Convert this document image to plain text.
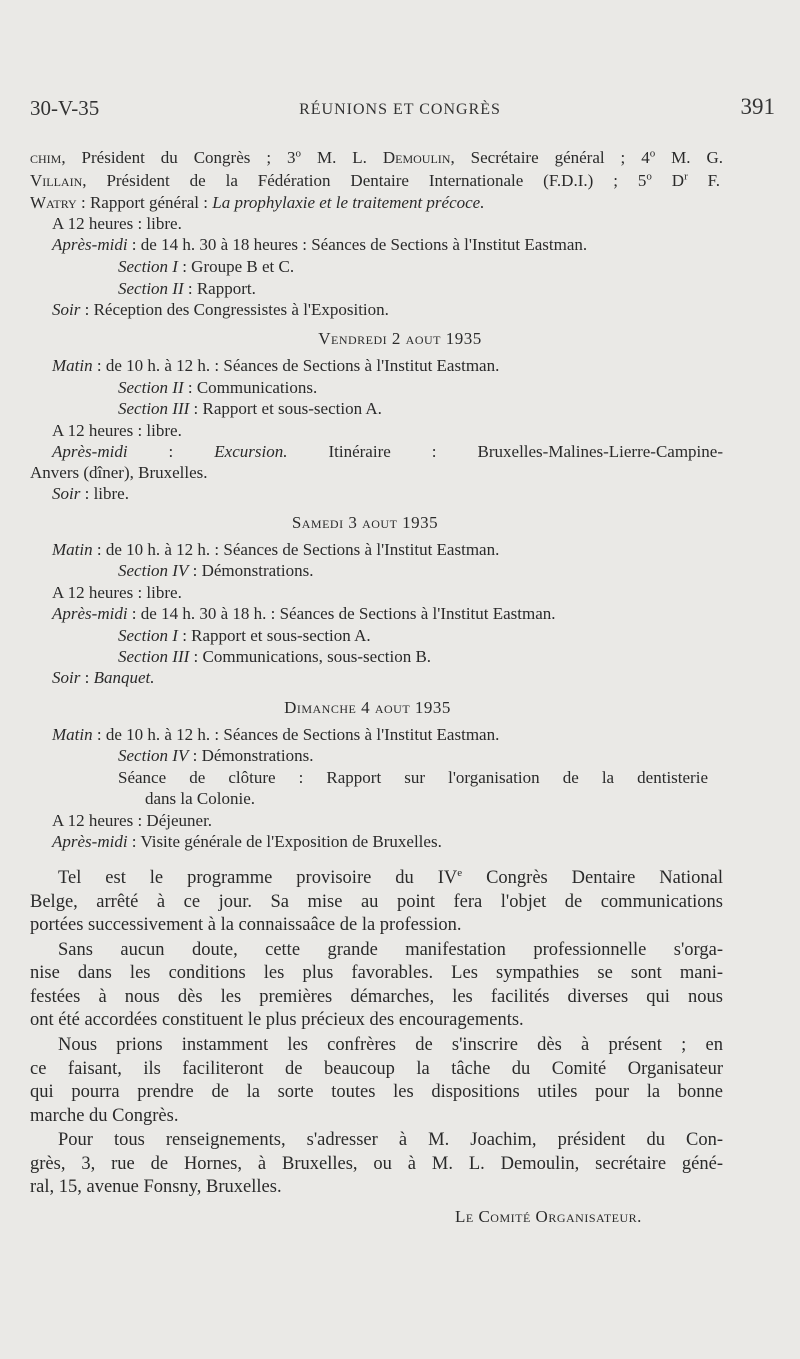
30-V-35	RÉUNIONS ET CONGRÈS	391
chim, Président du Congrès ; 3$^o$ M. L. Demoulin, Secrétaire général ; 4$^o$ M. G.
Villain, Président de la Fédération Dentaire Internationale (F.D.I.) ; 5$^o$ $D^r$ F.
Watry : Rapport général : La prophylaxie et le traitement précoce.
A 12 heures : libre.
Après-midi : de 14 h. 30 à 18 heures : Séances de Sections à l'Institut Eastman.
Section I : Groupe B et C.
Section II : Rapport.
Soir : Réception des Congressistes à l'Exposition.
Vendredi 2 aout 1935
Matin : de 10 h. à 12 h. : Séances de Sections à l'Institut Eastman.
Section II : Communications.
Section III : Rapport et sous-section A.
A 12 heures : libre.
Après-midi : Excursion. Itinéraire : Bruxelles-Malines-Lierre-Campine-
Anvers (dîner), Bruxelles.
Soir : libre.
Samedi 3 aout 1935
Matin : de 10 h. à 12 h. : Séances de Sections à l'Institut Eastman.
Section IV : Démonstrations.
A 12 heures : libre.
Après-midi : de 14 h. 30 à 18 h. : Séances de Sections à l'Institut Eastman.
Section I : Rapport et sous-section A.
Section III : Communications, sous-section B.
Soir : Banquet.
Dimanche 4 aout 1935
Matin : de 10 h. à 12 h. : Séances de Sections à l'Institut Eastman.
Section IV : Démonstrations.
Séance de clôture : Rapport sur l'organisation de la dentisterie
dans la Colonie.
A 12 heures : Déjeuner.
Après-midi : Visite générale de l'Exposition de Bruxelles.
Tel est le programme provisoire du IVe Congrès Dentaire National
Belge, arrêté à ce jour. Sa mise au point fera l'objet de communications
portées successivement à la connaissaâce de la profession.
Sans aucun doute, cette grande manifestation professionnelle s'orga-
nise dans les conditions les plus favorables. Les sympathies se sont mani-
festées à nous dès les premières démarches, les facilités diverses qui nous
ont été accordées constituent le plus précieux des encouragements.
Nous prions instamment les confrères de s'inscrire dès à présent ; en
ce faisant, ils faciliteront de beaucoup la tâche du Comité Organisateur
qui pourra prendre de la sorte toutes les dispositions utiles pour la bonne
marche du Congrès.
Pour tous renseignements, s'adresser à M. Joachim, président du Con-
grès, 3, rue de Hornes, à Bruxelles, ou à M. L. Demoulin, secrétaire géné-
ral, 15, avenue Fonsny, Bruxelles.
Le Comité Organisateur.
